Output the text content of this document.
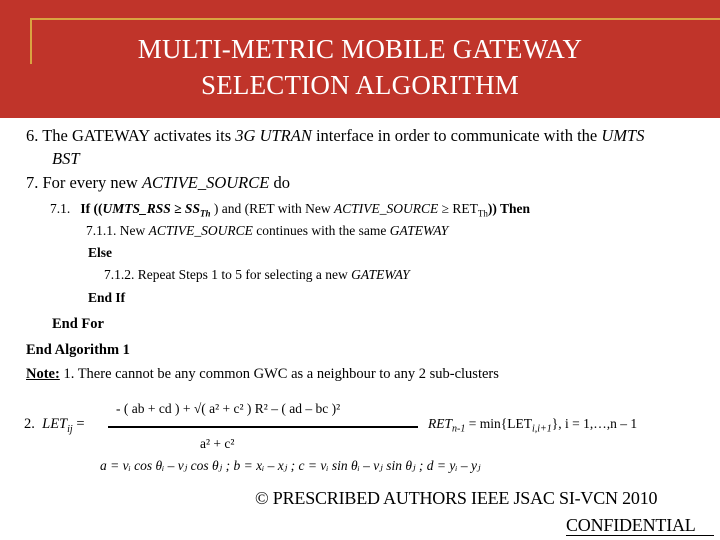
MULTI-METRIC MOBILE GATEWAY
SELECTION ALGORITHM
6. The GATEWAY activates its 3G UTRAN interface in order to communicate with the UMTS
BST
7. For every new ACTIVE_SOURCE do
7.1. If ((UMTS_RSS ≥ $SS_{Th}$ ) and (RET with New ACTIVE_SOURCE ≥ $RET_{Th}$)) Then
7.1.1. New ACTIVE_SOURCE continues with the same GATEWAY
Else
7.1.2. Repeat Steps 1 to 5 for selecting a new GATEWAY
End If
End For
End Algorithm 1
Note: 1. There cannot be any common GWC as a neighbour to any 2 sub-clusters
- ( ab + cd ) + √( a² + c² ) R² – ( ad – bc )²
2. $LET_{ij}$ =	$RET_{n-1} = \min\{LET_{i,i+1}\}$, i = 1,…,n – 1
a² + c²
a = vᵢ cos θᵢ – vⱼ cos θⱼ ; b = xᵢ – xⱼ ; c = vᵢ sin θᵢ – vⱼ sin θⱼ ; d = yᵢ – yⱼ
© PRESCRIBED AUTHORS IEEE JSAC SI-VCN 2010
CONFIDENTIAL
